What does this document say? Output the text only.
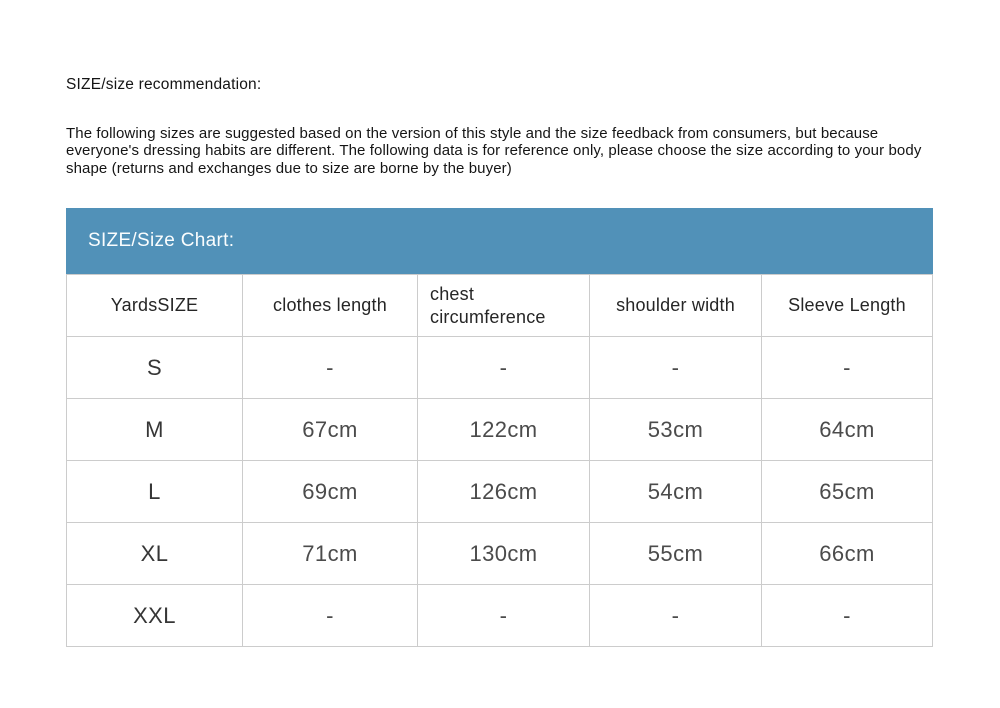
SIZE/size recommendation:
The following sizes are suggested based on the version of this style and the size feedback from consumers, but because everyone's dressing habits are different. The following data is for reference only, please choose the size according to your body shape (returns and exchanges due to size are borne by the buyer)
SIZE/Size Chart:
YardsSIZE	clothes length	chest circumference	shoulder width	Sleeve Length
S	-	-	-	-
M	67cm	122cm	53cm	64cm
L	69cm	126cm	54cm	65cm
XL	71cm	130cm	55cm	66cm
XXL	-	-	-	-
